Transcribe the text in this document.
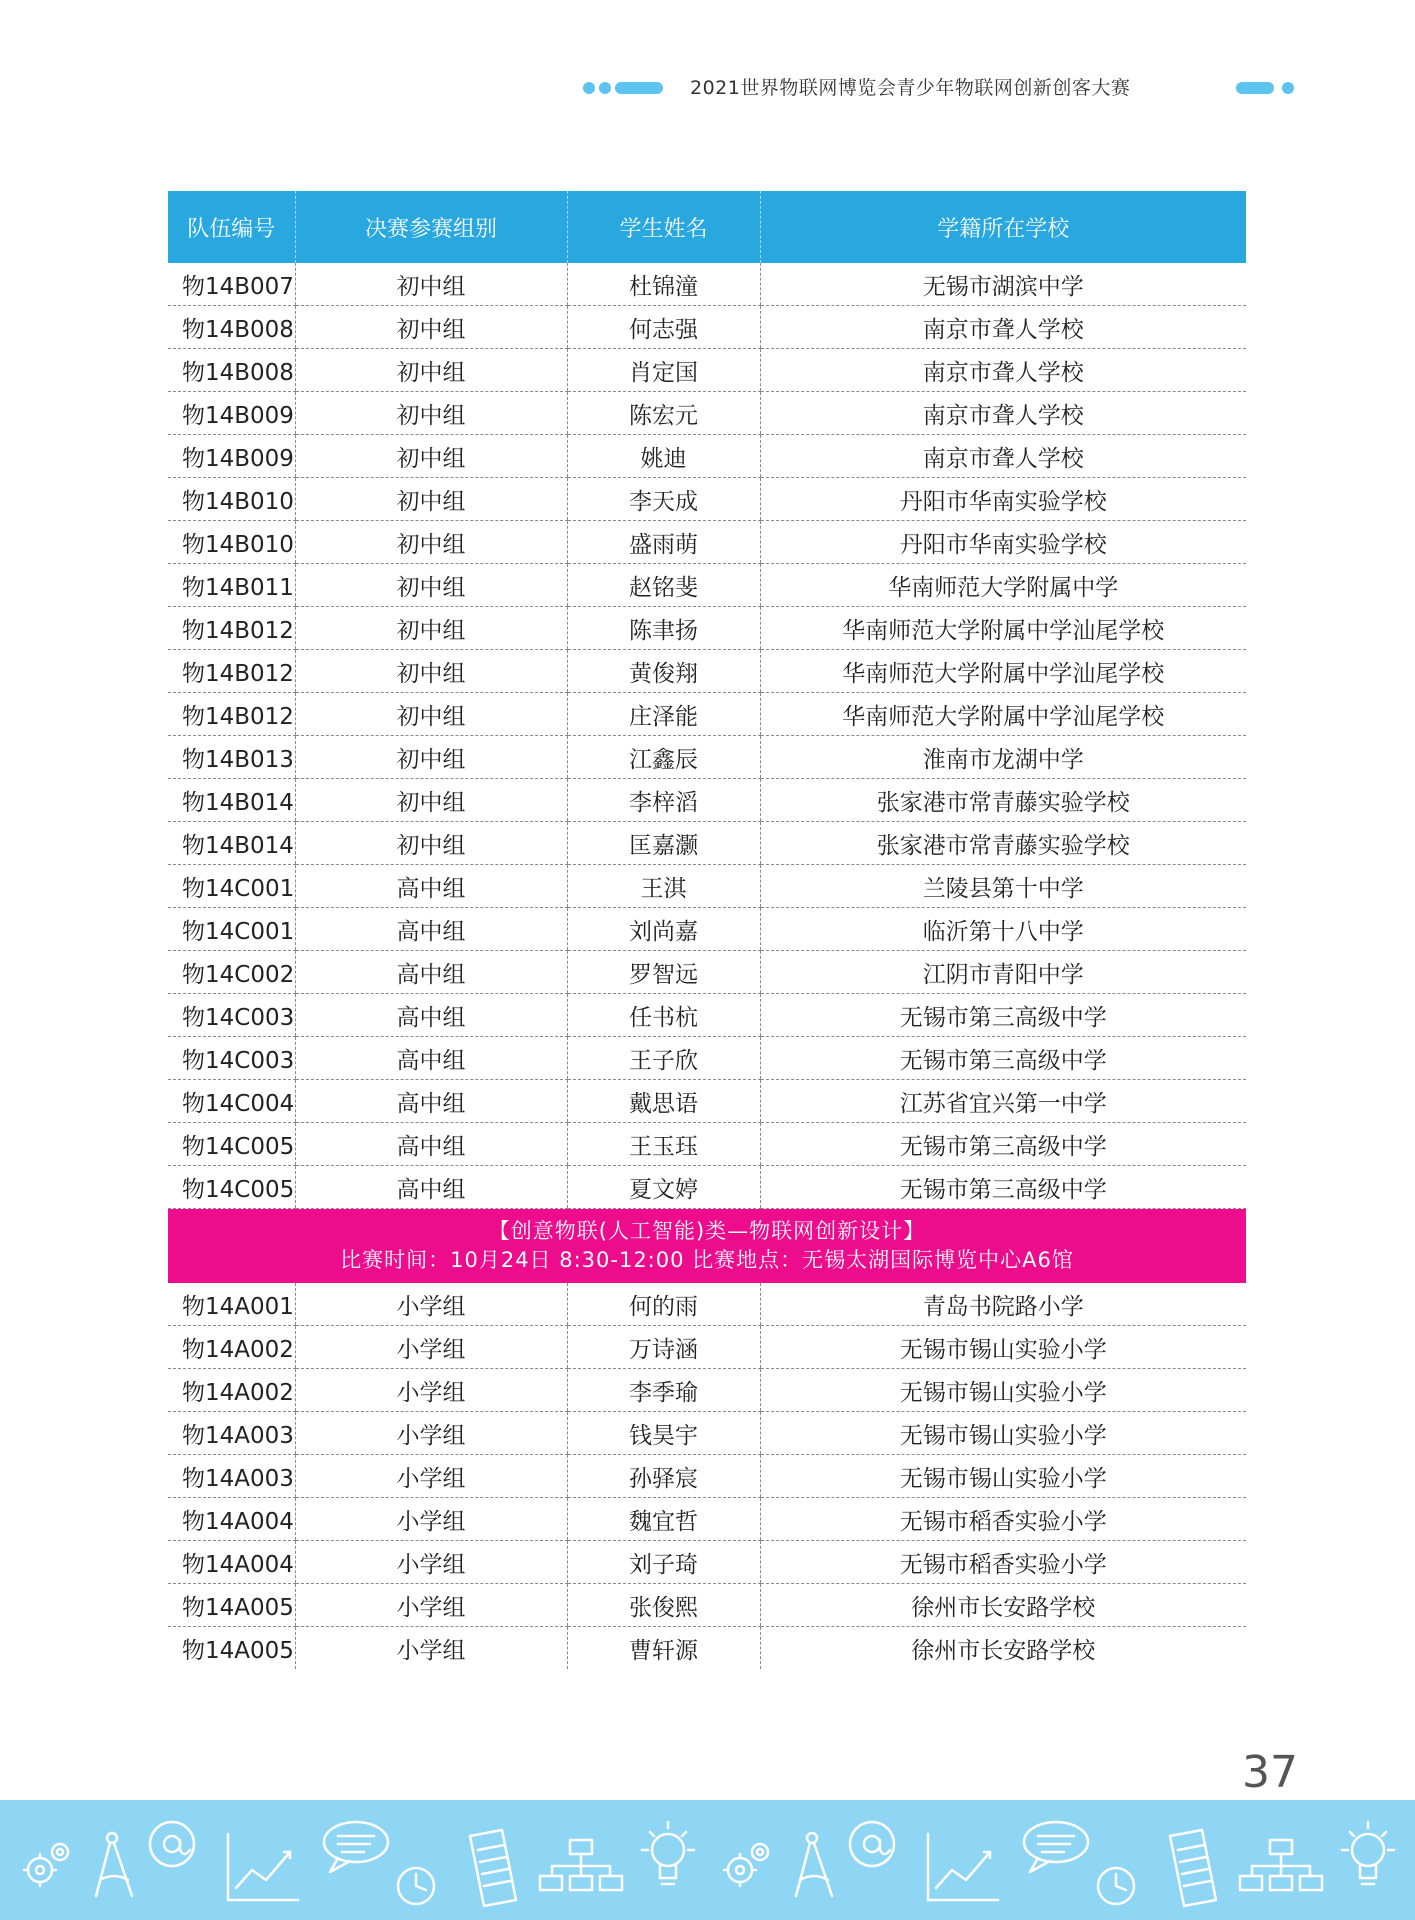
2021世界物联网博览会青少年物联网创新创客大赛
队伍编号	决赛参赛组别	学生姓名	学籍所在学校
物14B007	初中组	杜锦潼	无锡市湖滨中学
物14B008	初中组	何志强	南京市聋人学校
物14B008	初中组	肖定国	南京市聋人学校
物14B009	初中组	陈宏元	南京市聋人学校
物14B009	初中组	姚迪	南京市聋人学校
物14B010	初中组	李天成	丹阳市华南实验学校
物14B010	初中组	盛雨萌	丹阳市华南实验学校
物14B011	初中组	赵铭斐	华南师范大学附属中学
物14B012	初中组	陈聿扬	华南师范大学附属中学汕尾学校
物14B012	初中组	黄俊翔	华南师范大学附属中学汕尾学校
物14B012	初中组	庄泽能	华南师范大学附属中学汕尾学校
物14B013	初中组	江鑫辰	淮南市龙湖中学
物14B014	初中组	李梓滔	张家港市常青藤实验学校
物14B014	初中组	匡嘉灏	张家港市常青藤实验学校
物14C001	高中组	王淇	兰陵县第十中学
物14C001	高中组	刘尚嘉	临沂第十八中学
物14C002	高中组	罗智远	江阴市青阳中学
物14C003	高中组	任书杭	无锡市第三高级中学
物14C003	高中组	王子欣	无锡市第三高级中学
物14C004	高中组	戴思语	江苏省宜兴第一中学
物14C005	高中组	王玉珏	无锡市第三高级中学
物14C005	高中组	夏文婷	无锡市第三高级中学

【创意物联(人工智能)类—物联网创新设计】
比赛时间：10月24日 8:30-12:00 比赛地点：无锡太湖国际博览中心A6馆			

物14A001	小学组	何的雨	青岛书院路小学
物14A002	小学组	万诗涵	无锡市锡山实验小学
物14A002	小学组	李季瑜	无锡市锡山实验小学
物14A003	小学组	钱昊宇	无锡市锡山实验小学
物14A003	小学组	孙驿宸	无锡市锡山实验小学
物14A004	小学组	魏宜哲	无锡市稻香实验小学
物14A004	小学组	刘子琦	无锡市稻香实验小学
物14A005	小学组	张俊熙	徐州市长安路学校
物14A005	小学组	曹轩源	徐州市长安路学校
37
